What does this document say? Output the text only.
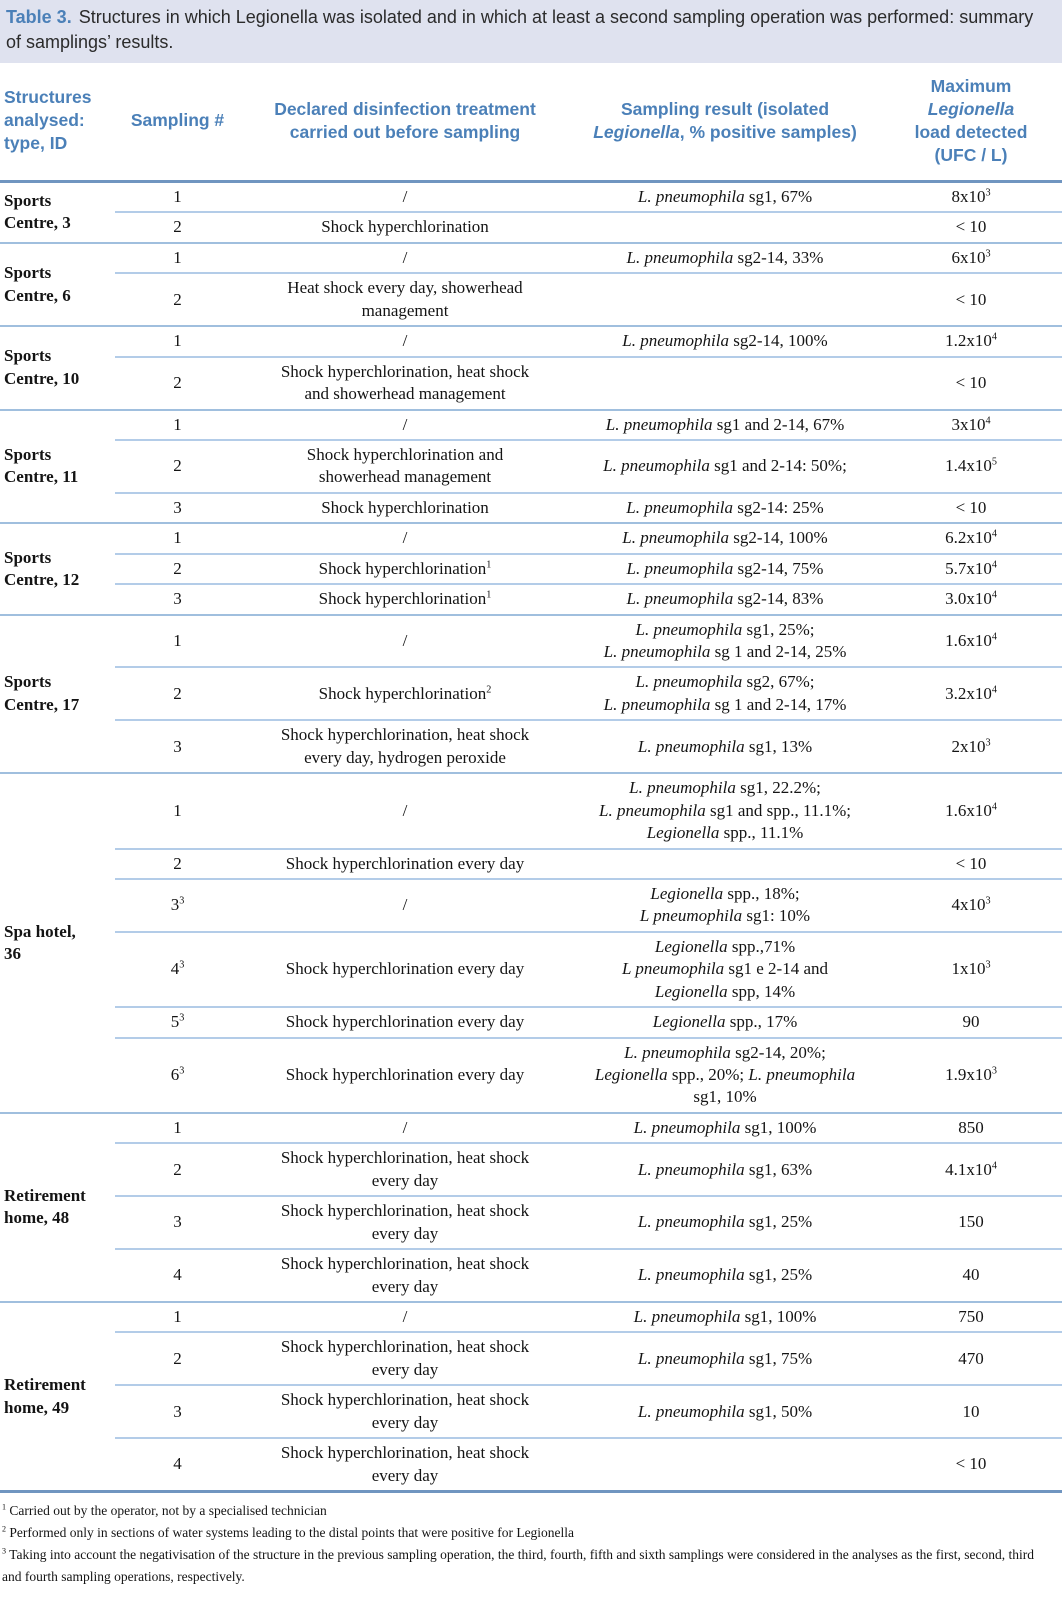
Table 3. Structures in which Legionella was isolated and in which at least a second sampling operation was performed: summary of samplings’ results.
Structures
analysed:
type, ID	Sampling #	Declared disinfection treatment
carried out before sampling	Sampling result (isolated
Legionella, % positive samples)	Maximum
Legionella
load detected
(UFC / L)
Sports
Centre, 3	1	/	L. pneumophila sg1, 67%	$8x10^3$
	2	Shock hyperchlorination		< 10
Sports
Centre, 6	1	/	L. pneumophila sg2-14, 33%	$6x10^3$
	2	Heat shock every day, showerhead
management		< 10
Sports
Centre, 10	1	/	L. pneumophila sg2-14, 100%	$1.2x10^4$
	2	Shock hyperchlorination, heat shock
and showerhead management		< 10
Sports
Centre, 11	1	/	L. pneumophila sg1 and 2-14, 67%	$3x10^4$
	2	Shock hyperchlorination and
showerhead management	L. pneumophila sg1 and 2-14: 50%;	$1.4x10^5$
	3	Shock hyperchlorination	L. pneumophila sg2-14: 25%	< 10
Sports
Centre, 12	1	/	L. pneumophila sg2-14, 100%	$6.2x10^4$
	2	Shock hyperchlorination$^1$	L. pneumophila sg2-14, 75%	$5.7x10^4$
	3	Shock hyperchlorination$^1$	L. pneumophila sg2-14, 83%	$3.0x10^4$
Sports
Centre, 17	1	/	L. pneumophila sg1, 25%;
L. pneumophila sg 1 and 2-14, 25%	$1.6x10^4$
	2	Shock hyperchlorination$^2$	L. pneumophila sg2, 67%;
L. pneumophila sg 1 and 2-14, 17%	$3.2x10^4$
	3	Shock hyperchlorination, heat shock
every day, hydrogen peroxide	L. pneumophila sg1, 13%	$2x10^3$
Spa hotel,
36	1	/	L. pneumophila sg1, 22.2%;
L. pneumophila sg1 and spp., 11.1%;
Legionella spp., 11.1%	$1.6x10^4$
	2	Shock hyperchlorination every day		< 10
	$3^3$	/	Legionella spp., 18%;
L pneumophila sg1: 10%	$4x10^3$
	$4^3$	Shock hyperchlorination every day	Legionella spp.,71%
L pneumophila sg1 e 2-14 and
Legionella spp, 14%	$1x10^3$
	$5^3$	Shock hyperchlorination every day	Legionella spp., 17%	90
	$6^3$	Shock hyperchlorination every day	L. pneumophila sg2-14, 20%;
Legionella spp., 20%; L. pneumophila
sg1, 10%	$1.9x10^3$
Retirement
home, 48	1	/	L. pneumophila sg1, 100%	850
	2	Shock hyperchlorination, heat shock
every day	L. pneumophila sg1, 63%	$4.1x10^4$
	3	Shock hyperchlorination, heat shock
every day	L. pneumophila sg1, 25%	150
	4	Shock hyperchlorination, heat shock
every day	L. pneumophila sg1, 25%	40
Retirement
home, 49	1	/	L. pneumophila sg1, 100%	750
	2	Shock hyperchlorination, heat shock
every day	L. pneumophila sg1, 75%	470
	3	Shock hyperchlorination, heat shock
every day	L. pneumophila sg1, 50%	10
	4	Shock hyperchlorination, heat shock
every day		< 10
$^1$ Carried out by the operator, not by a specialised technician
$^2$ Performed only in sections of water systems leading to the distal points that were positive for Legionella
$^3$ Taking into account the negativisation of the structure in the previous sampling operation, the third, fourth, fifth and sixth samplings were considered in the analyses as the first, second, third and fourth sampling operations, respectively.
